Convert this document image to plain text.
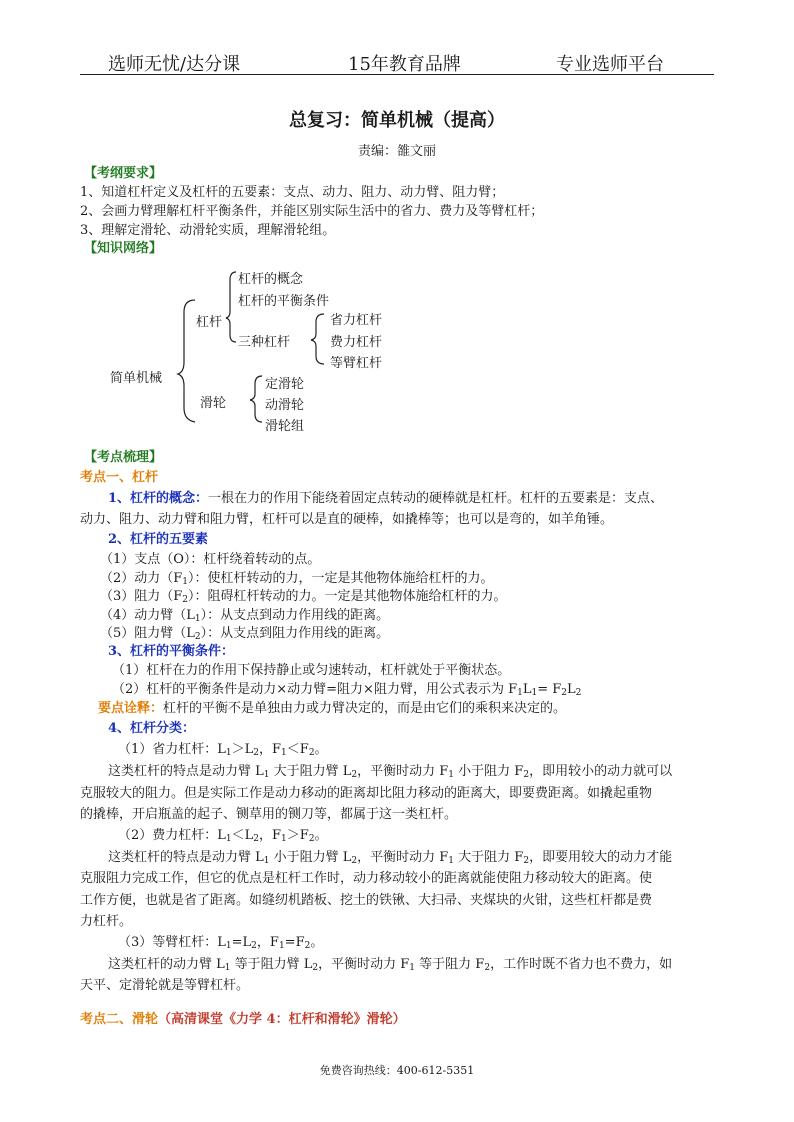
选师无忧/达分课	15年教育品牌	专业选师平台
总复习：简单机械（提高）
责编：雒文丽
【考纲要求】
1、知道杠杆定义及杠杆的五要素：支点、动力、阻力、动力臂、阻力臂；
2、会画力臂理解杠杆平衡条件，并能区别实际生活中的省力、费力及等臂杠杆；
3、理解定滑轮、动滑轮实质，理解滑轮组。
【知识网络】
简单机械
杠杆
杠杆的概念
杠杆的平衡条件
三种杠杆
省力杠杆
费力杠杆
等臂杠杆
滑轮
定滑轮
动滑轮
滑轮组
【考点梳理】
考点一、杠杆
1、杠杆的概念：一根在力的作用下能绕着固定点转动的硬棒就是杠杆。杠杆的五要素是：支点、
动力、阻力、动力臂和阻力臂，杠杆可以是直的硬棒，如撬棒等；也可以是弯的，如羊角锤。
2、杠杆的五要素
（1）支点（O）：杠杆绕着转动的点。
（2）动力$(F_1)$：使杠杆转动的力，一定是其他物体施给杠杆的力。
（3）阻力$(F_2)$：阻碍杠杆转动的力。一定是其他物体施给杠杆的力。
（4）动力臂$(L_1)$：从支点到动力作用线的距离。
（5）阻力臂$(L_2)$：从支点到阻力作用线的距离。
3、杠杆的平衡条件：
（1）杠杆在力的作用下保持静止或匀速转动，杠杆就处于平衡状态。
（2）杠杆的平衡条件是动力×动力臂=阻力×阻力臂，用公式表示为 $F_1L_1= F_2L_2$
要点诠释：杠杆的平衡不是单独由力或力臂决定的，而是由它们的乘积来决定的。
4、杠杆分类：
（1）省力杠杆：$L_1>L_2$，$F_1<F_2$。
这类杠杆的特点是动力臂 $L_1$ 大于阻力臂 $L_2$，平衡时动力 $F_1$ 小于阻力 $F_2$，即用较小的动力就可以
克服较大的阻力。但是实际工作是动力移动的距离却比阻力移动的距离大，即要费距离。如撬起重物
的撬棒，开启瓶盖的起子、铡草用的铡刀等，都属于这一类杠杆。
（2）费力杠杆：$L_1<L_2$，$F_1>F_2$。
这类杠杆的特点是动力臂 $L_1$ 小于阻力臂 $L_2$，平衡时动力 $F_1$ 大于阻力 $F_2$，即要用较大的动力才能
克服阻力完成工作，但它的优点是杠杆工作时，动力移动较小的距离就能使阻力移动较大的距离。使
工作方便，也就是省了距离。如缝纫机踏板、挖土的铁锹、大扫帚、夹煤块的火钳，这些杠杆都是费
力杠杆。
（3）等臂杠杆：$L_1=L_2$，$F_1=F_2$。
这类杠杆的动力臂 $L_1$ 等于阻力臂 $L_2$，平衡时动力 $F_1$ 等于阻力 $F_2$，工作时既不省力也不费力，如
天平、定滑轮就是等臂杠杆。
考点二、滑轮（高清课堂《力学 4：杠杆和滑轮》滑轮）
免费咨询热线：400-612-5351
